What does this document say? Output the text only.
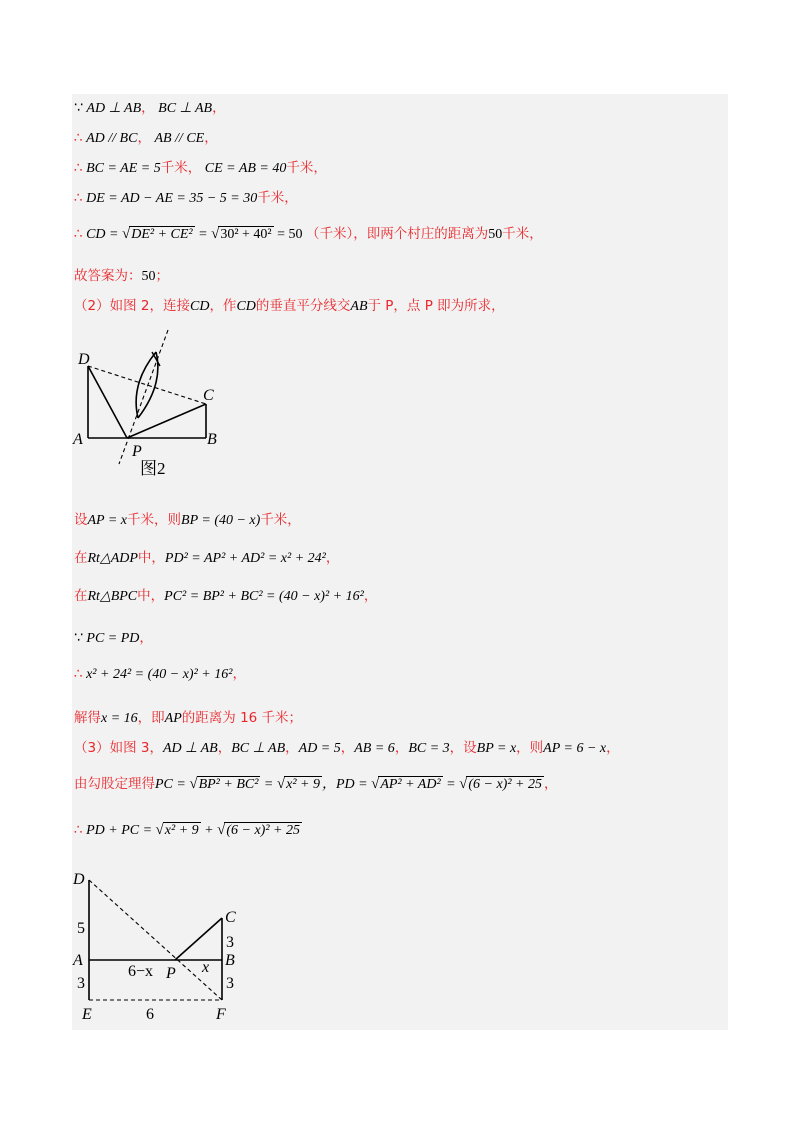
∵ AD ⊥ AB， BC ⊥ AB，
∴ AD // BC， AB // CE，
∴ BC = AE = 5千米， CE = AB = 40千米，
∴ DE = AD − AE = 35 − 5 = 30千米，
∴ CD = √DE² + CE² = √30² + 40² = 50 （千米），即两个村庄的距离为50千米，
故答案为：50；
（2）如图 2，连接CD，作CD的垂直平分线交AB于 P，点 P 即为所求，
D
C
A
P
B
图2
设AP = x千米，则BP = (40 − x)千米，
在Rt△ADP中，PD² = AP² + AD² = x² + 24²，
在Rt△BPC中，PC² = BP² + BC² = (40 − x)² + 16²，
∵ PC = PD，
∴ x² + 24² = (40 − x)² + 16²，
解得x = 16，即AP的距离为 16 千米；
（3）如图 3，AD ⊥ AB，BC ⊥ AB，AD = 5，AB = 6，BC = 3，设BP = x，则AP = 6 − x，
由勾股定理得PC = √BP² + BC² = √x² + 9 ，PD = √AP² + AD² = √(6 − x)² + 25 ，
∴ PD + PC = √x² + 9 + √(6 − x)² + 25
D
5
A
3
E
6−x P x
C
3
B
3
6	F
